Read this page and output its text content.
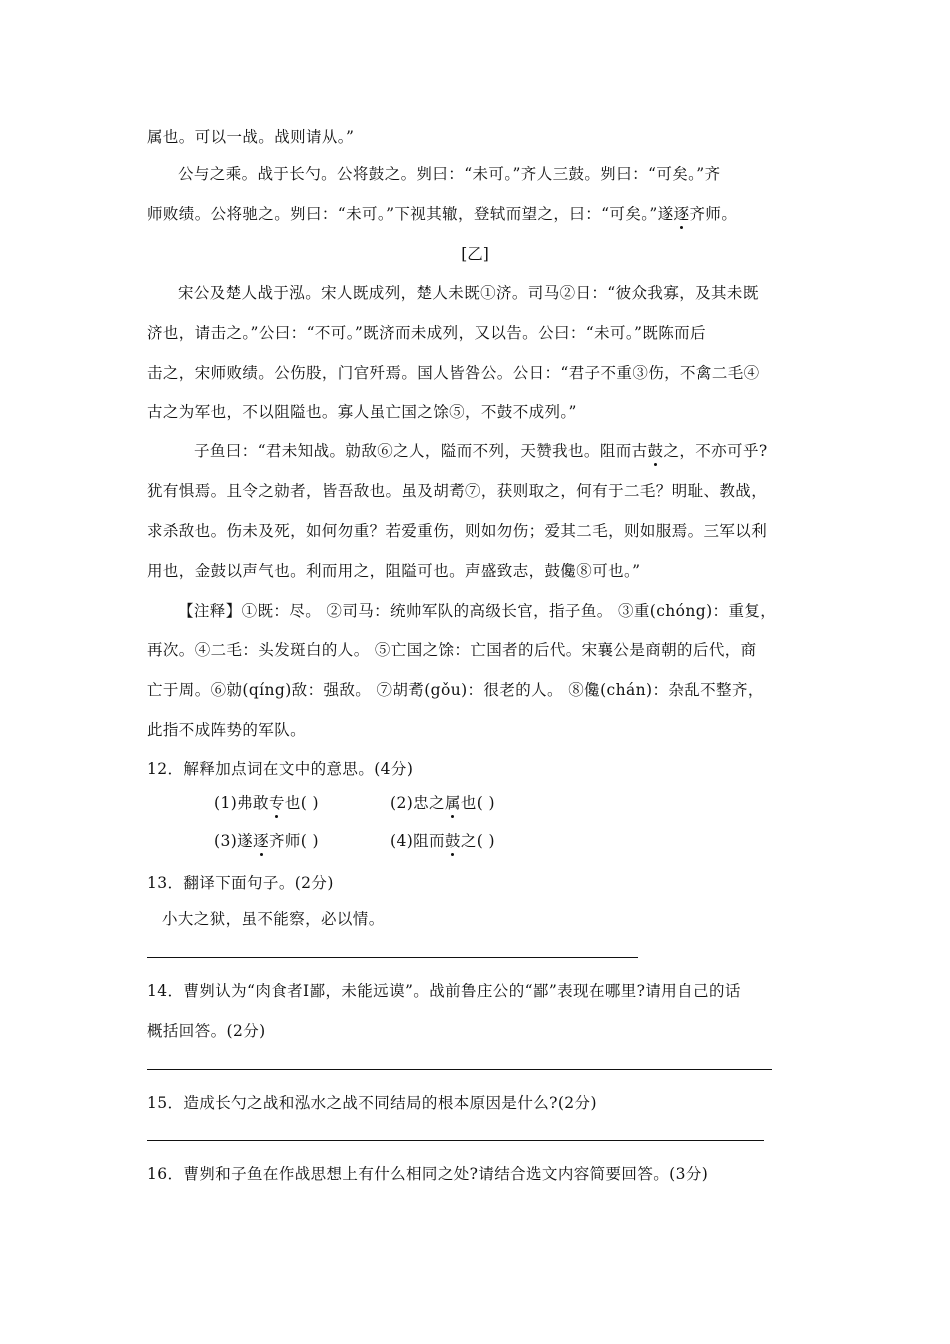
属也。可以一战。战则请从。”
公与之乘。战于长勺。公将鼓之。刿曰：“未可。”齐人三鼓。刿曰：“可矣。”齐
师败绩。公将驰之。刿曰：“未可。”下视其辙，登轼而望之，曰：“可矣。”遂逐齐师。
[乙]
宋公及楚人战于泓。宋人既成列，楚人未既①济。司马②日：“彼众我寡，及其未既
济也，请击之。”公曰：“不可。”既济而未成列，又以告。公曰：“未可。”既陈而后
击之，宋师败绩。公伤股，门官歼焉。国人皆咎公。公日：“君子不重③伤，不禽二毛④
古之为军也，不以阻隘也。寡人虽亡国之馀⑤，不鼓不成列。”
子鱼曰：“君未知战。勍敌⑥之人，隘而不列，天赞我也。阻而古鼓之，不亦可乎?
犹有惧焉。且令之勍者，皆吾敌也。虽及胡耉⑦，获则取之，何有于二毛？明耻、教战，
求杀敌也。伤未及死，如何勿重？若爱重伤，则如勿伤；爱其二毛，则如服焉。三军以利
用也，金鼓以声气也。利而用之，阻隘可也。声盛致志，鼓儳⑧可也。”
【注释】①既：尽。 ②司马：统帅军队的高级长官，指子鱼。 ③重(chóng)：重复，
再次。④二毛：头发斑白的人。 ⑤亡国之馀：亡国者的后代。宋襄公是商朝的后代，商
亡于周。⑥勍(qíng)敌：强敌。 ⑦胡耉(gǒu)：很老的人。 ⑧儳(chán)：杂乱不整齐，
此指不成阵势的军队。
12．解释加点词在文中的意思。(4分)
(1)弗敢专也( )	(2)忠之属也( )
(3)遂逐齐师( )	(4)阻而鼓之( )
13．翻译下面句子。(2分)
小大之狱，虽不能察，必以情。
14．曹刿认为“肉食者I鄙，未能远谟”。战前鲁庄公的“鄙”表现在哪里?请用自己的话
概括回答。(2分)
15．造成长勺之战和泓水之战不同结局的根本原因是什么?(2分)
16．曹刿和子鱼在作战思想上有什么相同之处?请结合选文内容简要回答。(3分)
